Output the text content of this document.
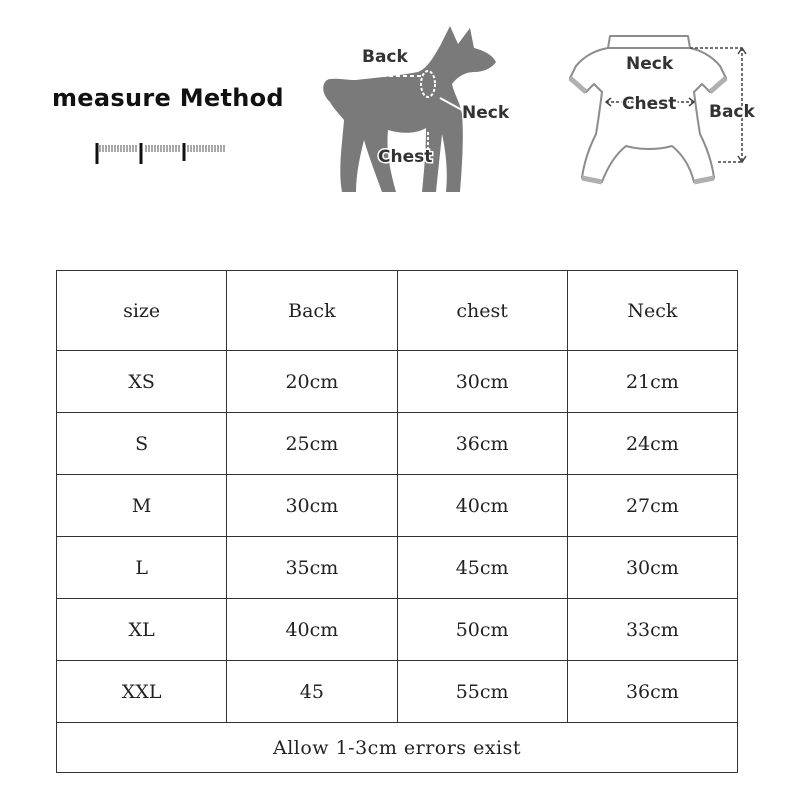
measure Method
Back
Neck
Chest
Neck
Chest Back
size	Back	chest	Neck
XS	20cm	30cm	21cm
S	25cm	36cm	24cm
M	30cm	40cm	27cm
L	35cm	45cm	30cm
XL	40cm	50cm	33cm
XXL	45	55cm	36cm
Allow 1-3cm errors exist			
